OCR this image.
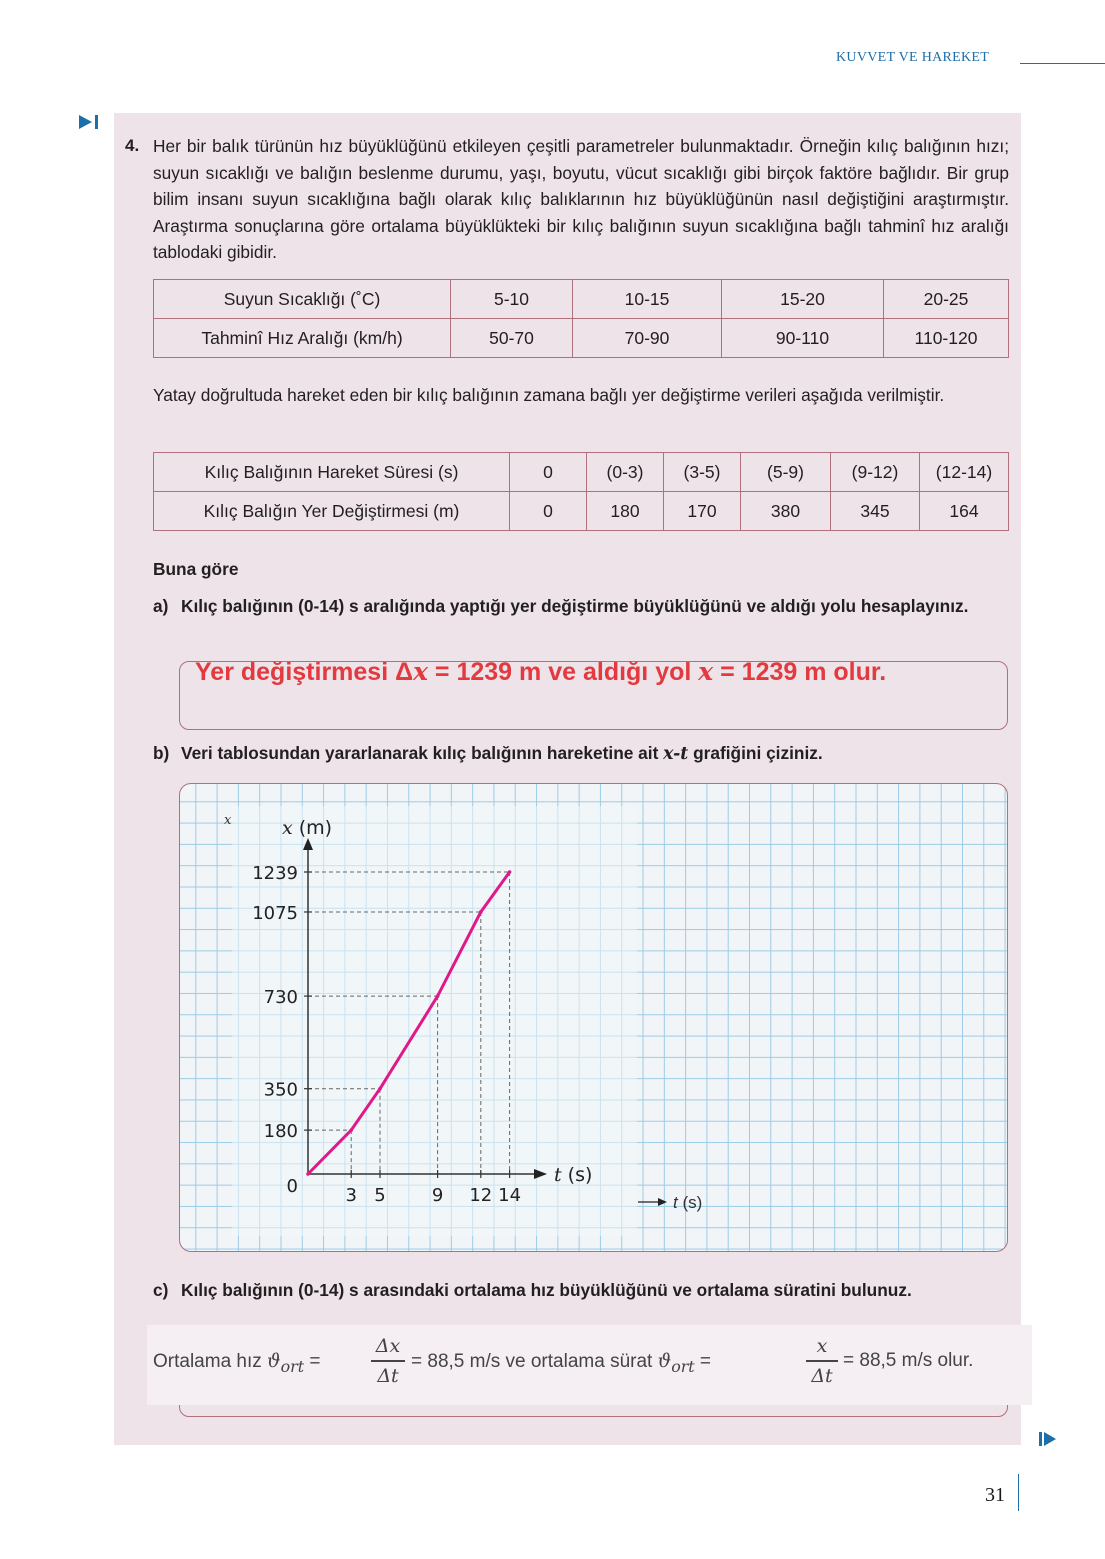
KUVVET VE HAREKET
4. Her bir balık türünün hız büyüklüğünü etkileyen çeşitli parametreler bulunmaktadır. Örneğin kılıç balığının hızı; suyun sıcaklığı ve balığın beslenme durumu, yaşı, boyutu, vücut sıcaklığı gibi birçok faktöre bağlıdır. Bir grup bilim insanı suyun sıcaklığına bağlı olarak kılıç balıklarının hız büyüklüğünün nasıl değiştiğini araştırmıştır. Araştırma sonuçlarına göre ortalama büyüklükteki bir kılıç balığının suyun sıcaklığına bağlı tahminî hız aralığı tablodaki gibidir.

Suyun Sıcaklığı (˚C)	5-10	10-15	15-20	20-25
Tahminî Hız Aralığı (km/h)	50-70	70-90	90-110	110-120

Yatay doğrultuda hareket eden bir kılıç balığının zamana bağlı yer değiştirme verileri aşağıda verilmiştir.

Kılıç Balığının Hareket Süresi (s)	0	(0-3)	(3-5)	(5-9)	(9-12)	(12-14)
Kılıç Balığın Yer Değiştirmesi (m)	0	180	170	380	345	164

Buna göre

a) Kılıç balığının (0-14) s aralığında yaptığı yer değiştirme büyüklüğünü ve aldığı yolu hesaplayınız.

Yer değiştirmesi Δx = 1239 m ve aldığı yol x = 1239 m olur.

b) Veri tablosundan yararlanarak kılıç balığının hareketine ait x-t grafiğini çiziniz.

180
350
730
1075
1239
3 5	9 12 14
0
x (m)
t (s)
x
t (s)

c) Kılıç balığının (0-14) s arasındaki ortalama hız büyüklüğünü ve ortalama süratini bulunuz.

Ortalama hız $ϑ_{ort}$ =
Δx
Δt
= 88,5 m/s ve ortalama sürat $ϑ_{ort}$ =
x
Δt
= 88,5 m/s olur.
31
